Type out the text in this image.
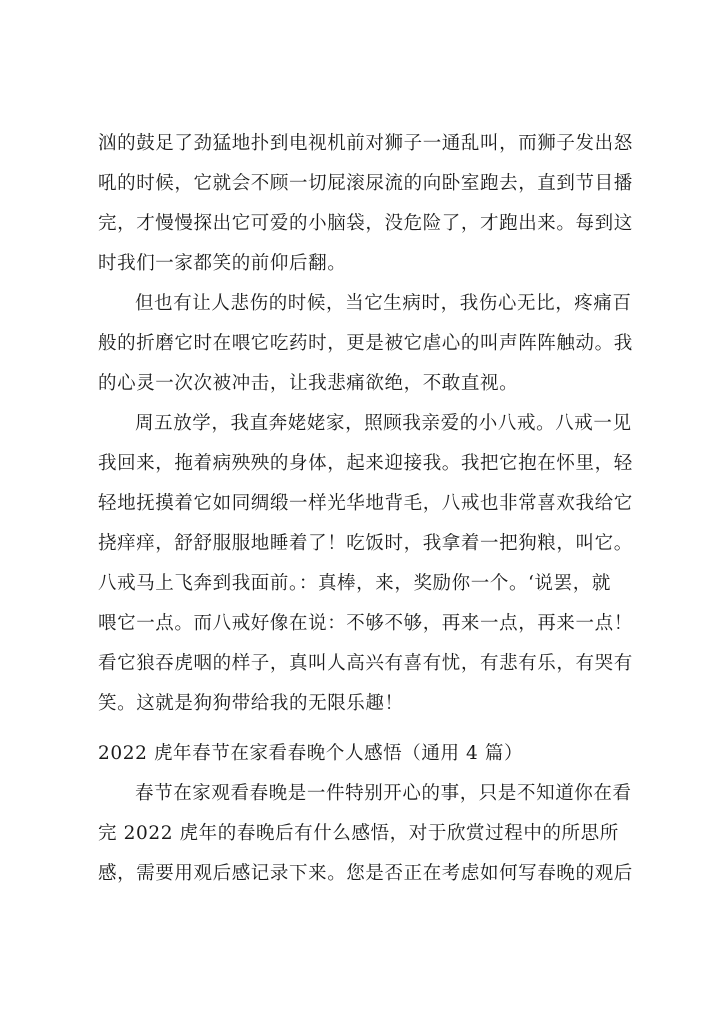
汹的鼓足了劲猛地扑到电视机前对狮子一通乱叫，而狮子发出怒
吼的时候，它就会不顾一切屁滚尿流的向卧室跑去，直到节目播
完，才慢慢探出它可爱的小脑袋，没危险了，才跑出来。每到这
时我们一家都笑的前仰后翻。
但也有让人悲伤的时候，当它生病时，我伤心无比，疼痛百
般的折磨它时在喂它吃药时，更是被它虐心的叫声阵阵触动。我
的心灵一次次被冲击，让我悲痛欲绝，不敢直视。
周五放学，我直奔姥姥家，照顾我亲爱的小八戒。八戒一见
我回来，拖着病殃殃的身体，起来迎接我。我把它抱在怀里，轻
轻地抚摸着它如同绸缎一样光华地背毛，八戒也非常喜欢我给它
挠痒痒，舒舒服服地睡着了！吃饭时，我拿着一把狗粮，叫它。
八戒马上飞奔到我面前。：真棒，来，奖励你一个。‘说罢，就
喂它一点。而八戒好像在说：不够不够，再来一点，再来一点！
看它狼吞虎咽的样子，真叫人高兴有喜有忧，有悲有乐，有哭有
笑。这就是狗狗带给我的无限乐趣！
2022 虎年春节在家看春晚个人感悟（通用 4 篇）
春节在家观看春晚是一件特别开心的事，只是不知道你在看
完 2022 虎年的春晚后有什么感悟，对于欣赏过程中的所思所
感，需要用观后感记录下来。您是否正在考虑如何写春晚的观后
